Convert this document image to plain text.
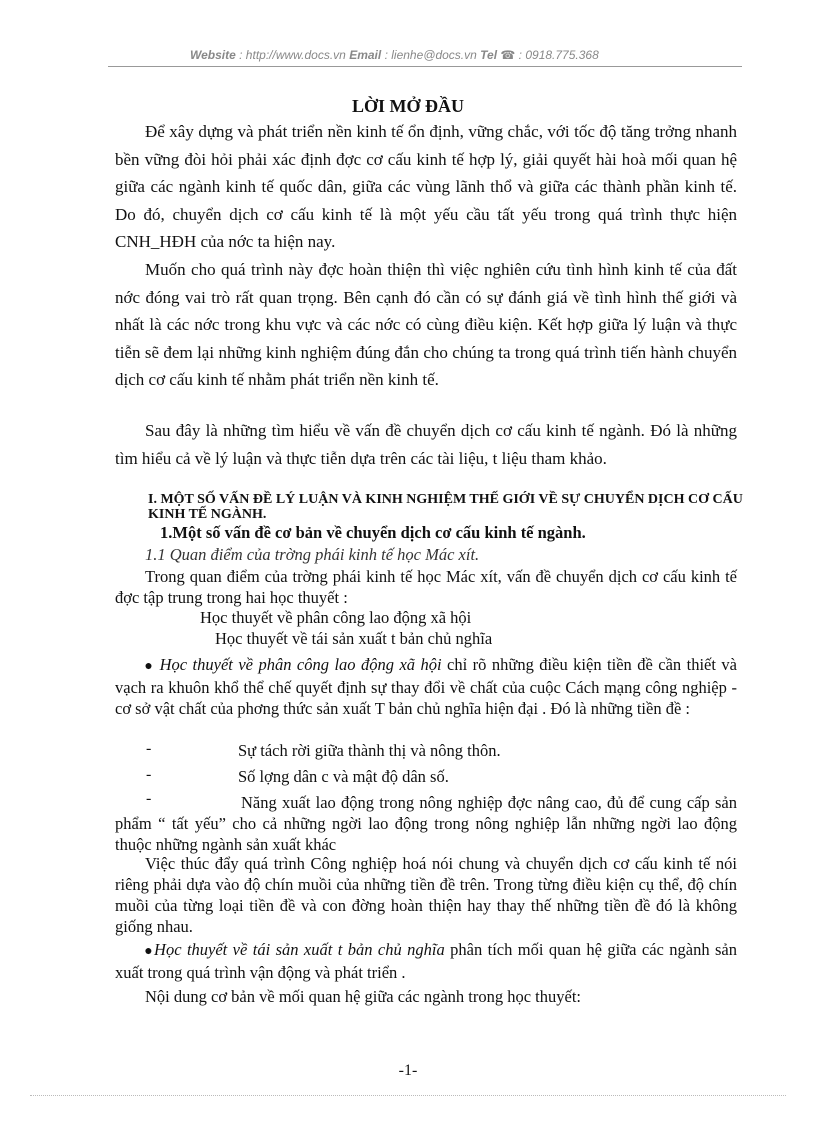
Website : http://www.docs.vn Email : lienhe@docs.vn Tel ☎ : 0918.775.368
LỜI MỞ ĐẦU
Để xây dựng và phát triển nền kinh tế ổn định, vững chắc, với tốc độ tăng trởng nhanh bền vững đòi hỏi phải xác định đợc cơ cấu kinh tế hợp lý, giải quyết hài hoà mối quan hệ giữa các ngành kinh tế quốc dân, giữa các vùng lãnh thổ và giữa các thành phần kinh tế. Do đó, chuyển dịch cơ cấu kinh tế là một yếu cầu tất yếu trong quá trình thực hiện CNH_HĐH của nớc ta hiện nay.
Muốn cho quá trình này đợc hoàn thiện thì việc nghiên cứu tình hình kinh tế của đất nớc đóng vai trò rất quan trọng. Bên cạnh đó cần có sự đánh giá về tình hình thế giới và nhất là các nớc trong khu vực và các nớc có cùng điều kiện. Kết hợp giữa lý luận và thực tiễn sẽ đem lại những kinh nghiệm đúng đắn cho chúng ta trong quá trình tiến hành chuyển dịch cơ cấu kinh tế nhằm phát triển nền kinh tế.
Sau đây là những tìm hiểu về vấn đề chuyển dịch cơ cấu kinh tế ngành. Đó là những tìm hiểu cả về lý luận và thực tiễn dựa trên các tài liệu, t liệu tham khảo.
I. MỘT SỐ VẤN ĐỀ LÝ LUẬN VÀ KINH NGHIỆM THẾ GIỚI VỀ SỰ CHUYỂN DỊCH CƠ CẤU KINH TẾ NGÀNH.
1.Một số vấn đề cơ bản về chuyển dịch cơ cấu kinh tế ngành.
1.1 Quan điểm của trờng phái kinh tế học Mác xít.
Trong quan điểm của trờng phái kinh tế học Mác xít, vấn đề chuyển dịch cơ cấu kinh tế đợc tập trung trong hai học thuyết :
Học thuyết về phân công lao động xã hội
Học thuyết về tái sản xuất t bản chủ nghĩa
● Học thuyết về phân công lao động xã hội chỉ rõ những điều kiện tiền đề cần thiết và vạch ra khuôn khổ thể chế quyết định sự thay đổi về chất của cuộc Cách mạng công nghiệp - cơ sở vật chất của phơng thức sản xuất T bản chủ nghĩa hiện đại . Đó là những tiền đề :
-	Sự tách rời giữa thành thị và nông thôn.
-	Số lợng dân c và mật độ dân số.
-	Năng xuất lao động trong nông nghiệp đợc nâng cao, đủ để cung cấp sản phẩm “ tất yếu” cho cả những ngời lao động trong nông nghiệp lẫn những ngời lao động thuộc những ngành sản xuất khác
Việc thúc đẩy quá trình Công nghiệp hoá nói chung và chuyển dịch cơ cấu kinh tế nói riêng phải dựa vào độ chín muồi của những tiền đề trên. Trong từng điều kiện cụ thể, độ chín muồi của từng loại tiền đề và con đờng hoàn thiện hay thay thế những tiền đề đó là không giống nhau.
●Học thuyết về tái sản xuất t bản chủ nghĩa phân tích mối quan hệ giữa các ngành sản xuất trong quá trình vận động và phát triển .
Nội dung cơ bản về mối quan hệ giữa các ngành trong học thuyết:
-1-
